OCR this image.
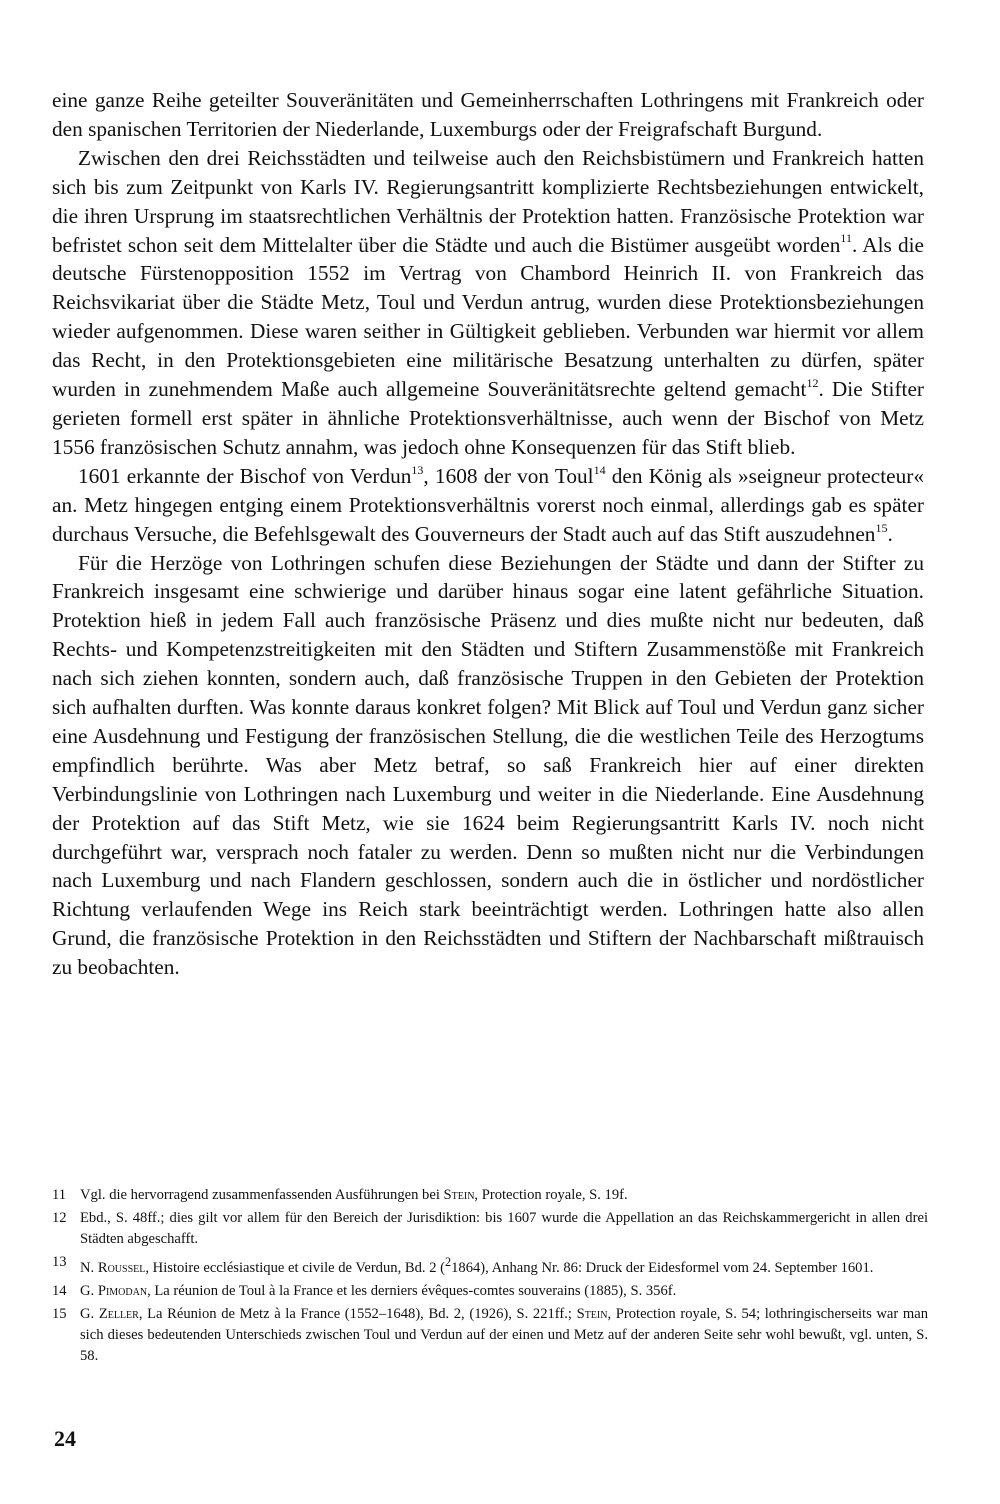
eine ganze Reihe geteilter Souveränitäten und Gemeinherrschaften Lothringens mit Frankreich oder den spanischen Territorien der Niederlande, Luxemburgs oder der Freigrafschaft Burgund.

Zwischen den drei Reichsstädten und teilweise auch den Reichsbistümern und Frankreich hatten sich bis zum Zeitpunkt von Karls IV. Regierungsantritt komplizierte Rechtsbeziehungen entwickelt, die ihren Ursprung im staatsrechtlichen Verhältnis der Protektion hatten. Französische Protektion war befristet schon seit dem Mittelalter über die Städte und auch die Bistümer ausgeübt worden$^{11}$. Als die deutsche Fürstenopposition 1552 im Vertrag von Chambord Heinrich II. von Frankreich das Reichsvikariat über die Städte Metz, Toul und Verdun antrug, wurden diese Protektionsbeziehungen wieder aufgenommen. Diese waren seither in Gültigkeit geblieben. Verbunden war hiermit vor allem das Recht, in den Protektionsgebieten eine militärische Besatzung unterhalten zu dürfen, später wurden in zunehmendem Maße auch allgemeine Souveränitätsrechte geltend gemacht$^{12}$. Die Stifter gerieten formell erst später in ähnliche Protektionsverhältnisse, auch wenn der Bischof von Metz 1556 französischen Schutz annahm, was jedoch ohne Konsequenzen für das Stift blieb.

1601 erkannte der Bischof von Verdun$^{13}$, 1608 der von Toul$^{14}$ den König als »seigneur protecteur« an. Metz hingegen entging einem Protektionsverhältnis vorerst noch einmal, allerdings gab es später durchaus Versuche, die Befehlsgewalt des Gouverneurs der Stadt auch auf das Stift auszudehnen$^{15}$.

Für die Herzöge von Lothringen schufen diese Beziehungen der Städte und dann der Stifter zu Frankreich insgesamt eine schwierige und darüber hinaus sogar eine latent gefährliche Situation. Protektion hieß in jedem Fall auch französische Präsenz und dies mußte nicht nur bedeuten, daß Rechts- und Kompetenzstreitigkeiten mit den Städten und Stiftern Zusammenstöße mit Frankreich nach sich ziehen konnten, sondern auch, daß französische Truppen in den Gebieten der Protektion sich aufhalten durften. Was konnte daraus konkret folgen? Mit Blick auf Toul und Verdun ganz sicher eine Ausdehnung und Festigung der französischen Stellung, die die westlichen Teile des Herzogtums empfindlich berührte. Was aber Metz betraf, so saß Frankreich hier auf einer direkten Verbindungslinie von Lothringen nach Luxemburg und weiter in die Niederlande. Eine Ausdehnung der Protektion auf das Stift Metz, wie sie 1624 beim Regierungsantritt Karls IV. noch nicht durchgeführt war, versprach noch fataler zu werden. Denn so mußten nicht nur die Verbindungen nach Luxemburg und nach Flandern geschlossen, sondern auch die in östlicher und nordöstlicher Richtung verlaufenden Wege ins Reich stark beeinträchtigt werden. Lothringen hatte also allen Grund, die französische Protektion in den Reichsstädten und Stiftern der Nachbarschaft mißtrauisch zu beobachten.

11 Vgl. die hervorragend zusammenfassenden Ausführungen bei Stein, Protection royale, S. 19f.
12 Ebd., S. 48ff.; dies gilt vor allem für den Bereich der Jurisdiktion: bis 1607 wurde die Appellation an das Reichskammergericht in allen drei Städten abgeschafft.
13 N. Roussel, Histoire ecclésiastique et civile de Verdun, Bd. 2 ($^2$1864), Anhang Nr. 86: Druck der Eidesformel vom 24. September 1601.
14 G. Pimodan, La réunion de Toul à la France et les derniers évêques-comtes souverains (1885), S. 356f.
15 G. Zeller, La Réunion de Metz à la France (1552–1648), Bd. 2, (1926), S. 221ff.; Stein, Protection royale, S. 54; lothringischerseits war man sich dieses bedeutenden Unterschieds zwischen Toul und Verdun auf der einen und Metz auf der anderen Seite sehr wohl bewußt, vgl. unten, S. 58.
24
